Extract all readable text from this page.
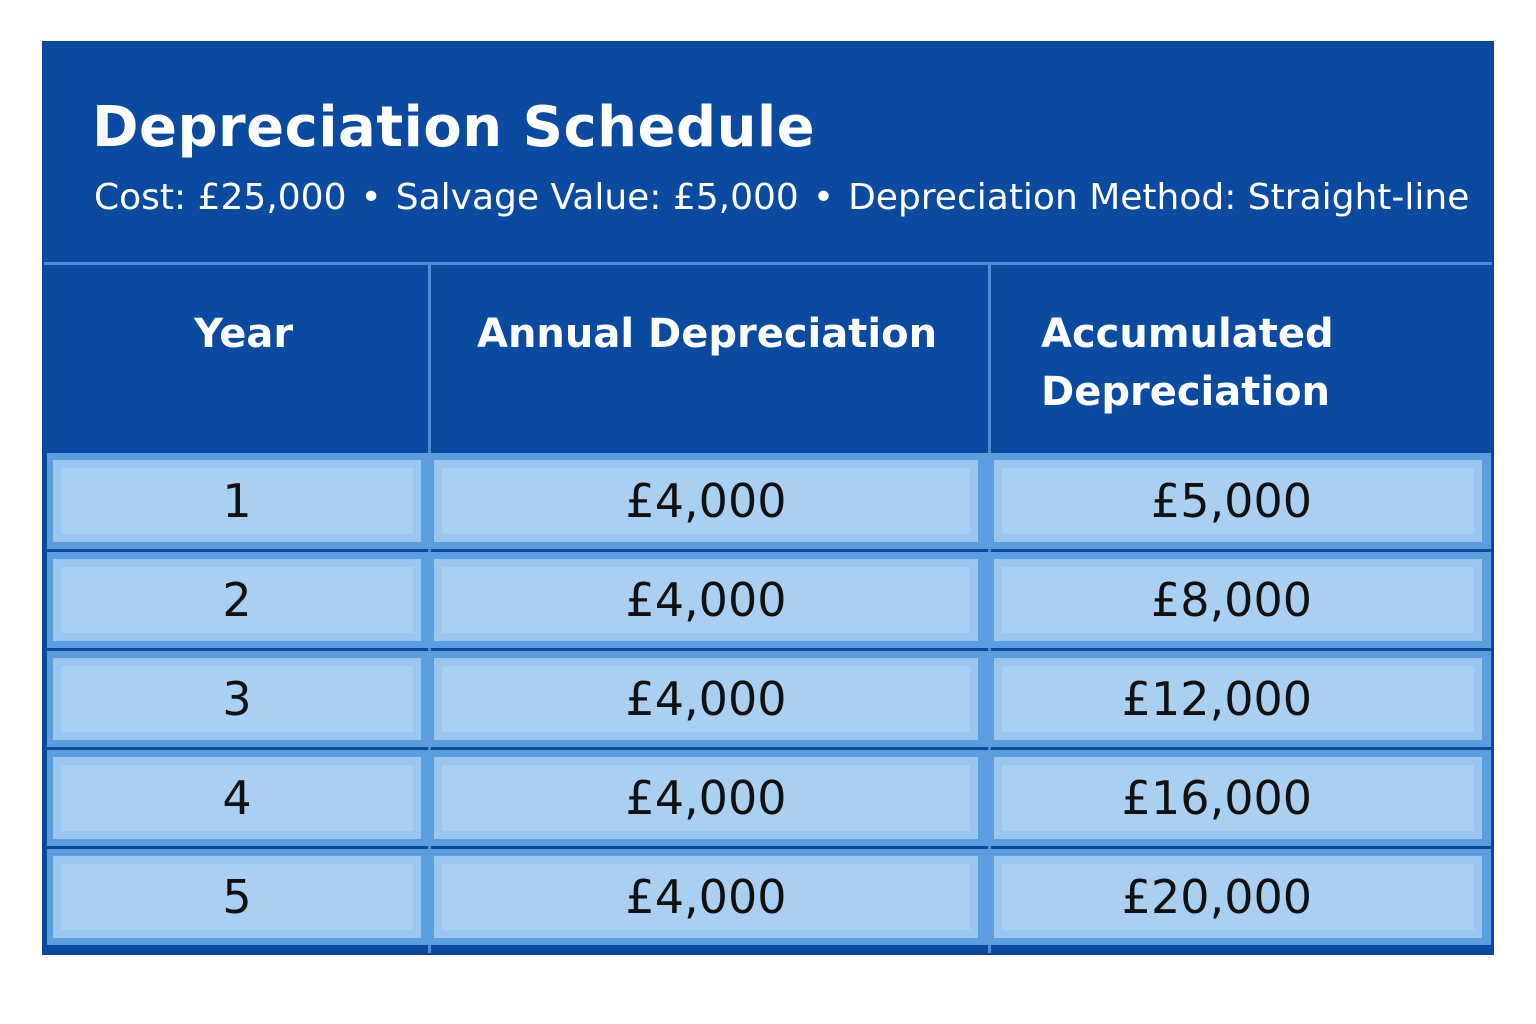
Depreciation Schedule
Cost: £25,000 • Salvage Value: £5,000 • Depreciation Method: Straight-line
Year	Annual Depreciation	Accumulated
Depreciation
1	£4,000	£5,000
2	£4,000	£8,000
3	£4,000	£12,000
4	£4,000	£16,000
5	£4,000	£20,000
